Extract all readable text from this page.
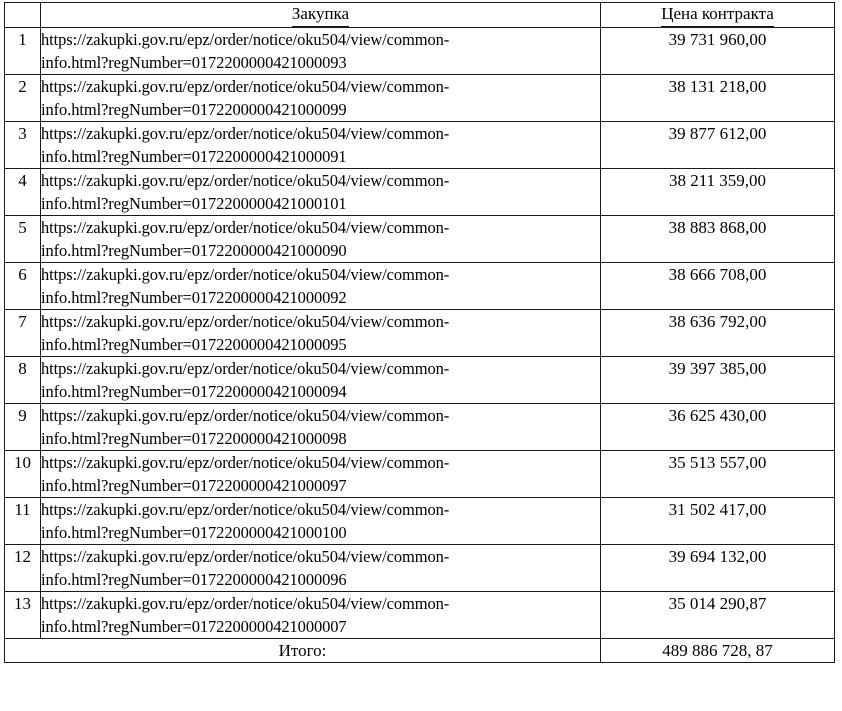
	Закупка	Цена контракта
1	https://zakupki.gov.ru/epz/order/notice/oku504/view/common-
info.html?regNumber=0172200000421000093	39 731 960,00
2	https://zakupki.gov.ru/epz/order/notice/oku504/view/common-
info.html?regNumber=0172200000421000099	38 131 218,00
3	https://zakupki.gov.ru/epz/order/notice/oku504/view/common-
info.html?regNumber=0172200000421000091	39 877 612,00
4	https://zakupki.gov.ru/epz/order/notice/oku504/view/common-
info.html?regNumber=0172200000421000101	38 211 359,00
5	https://zakupki.gov.ru/epz/order/notice/oku504/view/common-
info.html?regNumber=0172200000421000090	38 883 868,00
6	https://zakupki.gov.ru/epz/order/notice/oku504/view/common-
info.html?regNumber=0172200000421000092	38 666 708,00
7	https://zakupki.gov.ru/epz/order/notice/oku504/view/common-
info.html?regNumber=0172200000421000095	38 636 792,00
8	https://zakupki.gov.ru/epz/order/notice/oku504/view/common-
info.html?regNumber=0172200000421000094	39 397 385,00
9	https://zakupki.gov.ru/epz/order/notice/oku504/view/common-
info.html?regNumber=0172200000421000098	36 625 430,00
10	https://zakupki.gov.ru/epz/order/notice/oku504/view/common-
info.html?regNumber=0172200000421000097	35 513 557,00
11	https://zakupki.gov.ru/epz/order/notice/oku504/view/common-
info.html?regNumber=0172200000421000100	31 502 417,00
12	https://zakupki.gov.ru/epz/order/notice/oku504/view/common-
info.html?regNumber=0172200000421000096	39 694 132,00
13	https://zakupki.gov.ru/epz/order/notice/oku504/view/common-
info.html?regNumber=0172200000421000007	35 014 290,87
Итого:		489 886 728, 87
